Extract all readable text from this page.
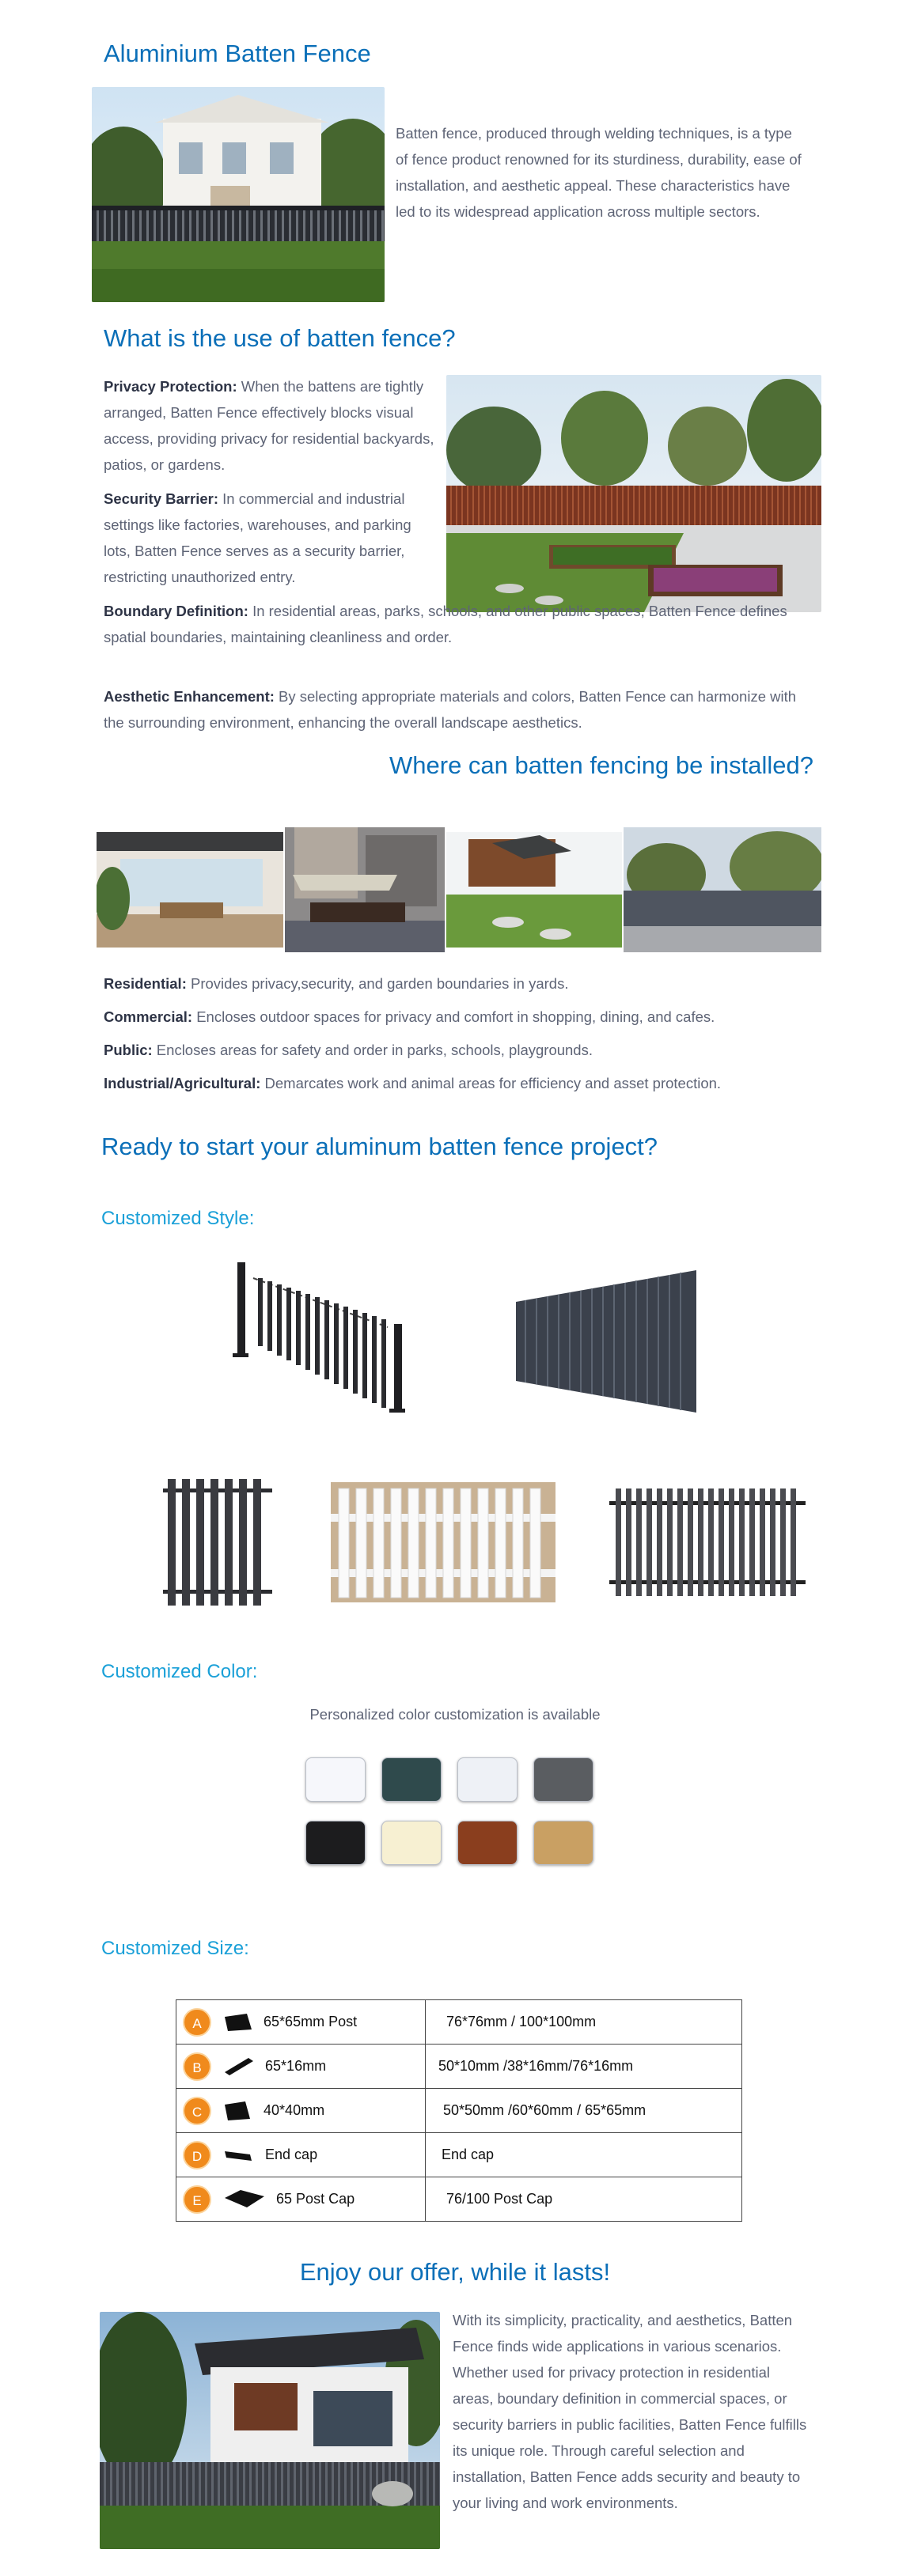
Aluminium Batten Fence

Batten fence, produced through welding techniques, is a type of fence product renowned for its sturdiness, durability, ease of installation, and aesthetic appeal. These characteristics have led to its widespread application across multiple sectors.

What is the use of batten fence?

Privacy Protection: When the battens are tightly arranged, Batten Fence effectively blocks visual access, providing privacy for residential backyards, patios, or gardens.

Security Barrier: In commercial and industrial settings like factories, warehouses, and parking lots, Batten Fence serves as a security barrier, restricting unauthorized entry.

Boundary Definition: In residential areas, parks, schools, and other public spaces, Batten Fence defines spatial boundaries, maintaining cleanliness and order.

Aesthetic Enhancement: By selecting appropriate materials and colors, Batten Fence can harmonize with the surrounding environment, enhancing the overall landscape aesthetics.

Where can batten fencing be installed?

Residential: Provides privacy,security, and garden boundaries in yards.

Commercial: Encloses outdoor spaces for privacy and comfort in shopping, dining, and cafes.

Public: Encloses areas for safety and order in parks, schools, playgrounds.

Industrial/Agricultural: Demarcates work and animal areas for efficiency and asset protection.

Ready to start your aluminum batten fence project?
Customized Style:
Customized Color:

Personalized color customization is available

Customized Size:
A 65*65mm Post	76*76mm / 100*100mm
B 65*16mm	50*10mm /38*16mm/76*16mm
C 40*40mm	50*50mm /60*60mm / 65*65mm
D End cap	End cap
E 65 Post Cap	76/100 Post Cap
Enjoy our offer, while it lasts!

With its simplicity, practicality, and aesthetics, Batten Fence finds wide applications in various scenarios. Whether used for privacy protection in residential areas, boundary definition in commercial spaces, or security barriers in public facilities, Batten Fence fulfills its unique role. Through careful selection and installation, Batten Fence adds security and beauty to your living and work environments.
